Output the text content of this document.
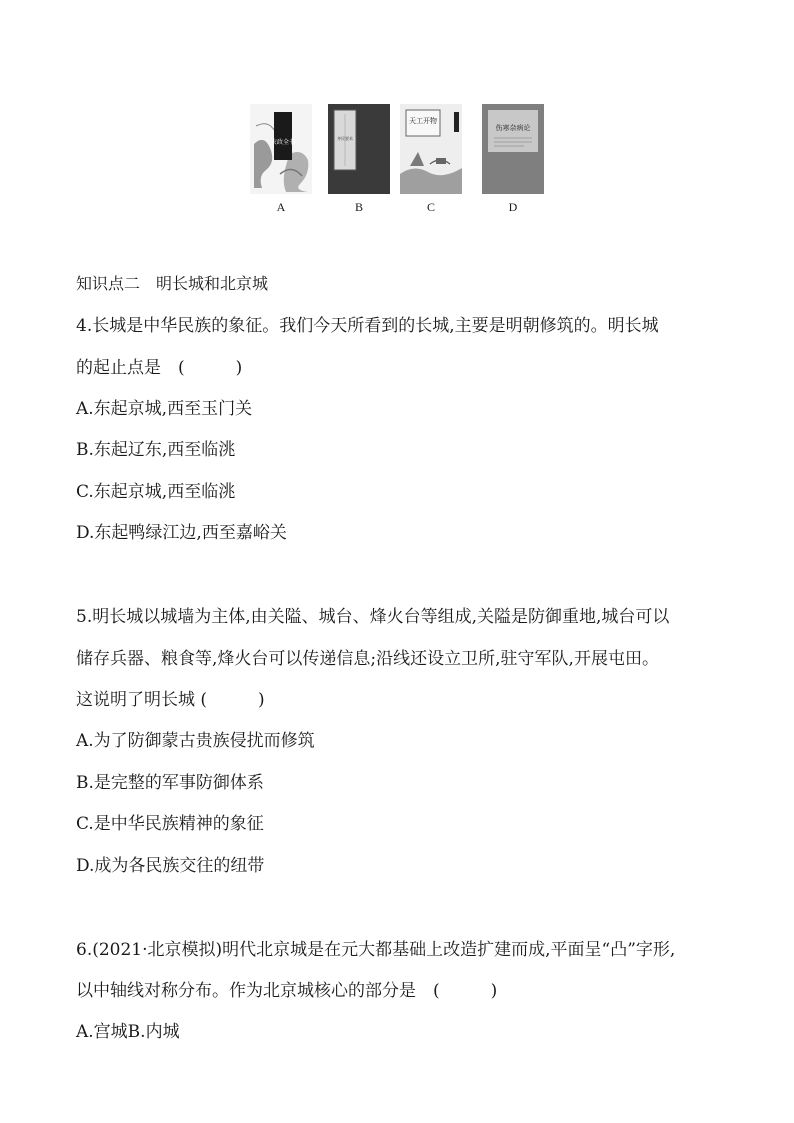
农政全书
A
齐民要术
B
天工开物
C
伤寒杂病论
D
知识点二　明长城和北京城
4.长城是中华民族的象征。我们今天所看到的长城,主要是明朝修筑的。明长城
的起止点是　(　　　)
A.东起京城,西至玉门关
B.东起辽东,西至临洮
C.东起京城,西至临洮
D.东起鸭绿江边,西至嘉峪关
5.明长城以城墙为主体,由关隘、城台、烽火台等组成,关隘是防御重地,城台可以
储存兵器、粮食等,烽火台可以传递信息;沿线还设立卫所,驻守军队,开展屯田。
这说明了明长城 (　　　)
A.为了防御蒙古贵族侵扰而修筑
B.是完整的军事防御体系
C.是中华民族精神的象征
D.成为各民族交往的纽带
6.(2021·北京模拟)明代北京城是在元大都基础上改造扩建而成,平面呈“凸”字形,
以中轴线对称分布。作为北京城核心的部分是　(　　　)
A.宫城B.内城
